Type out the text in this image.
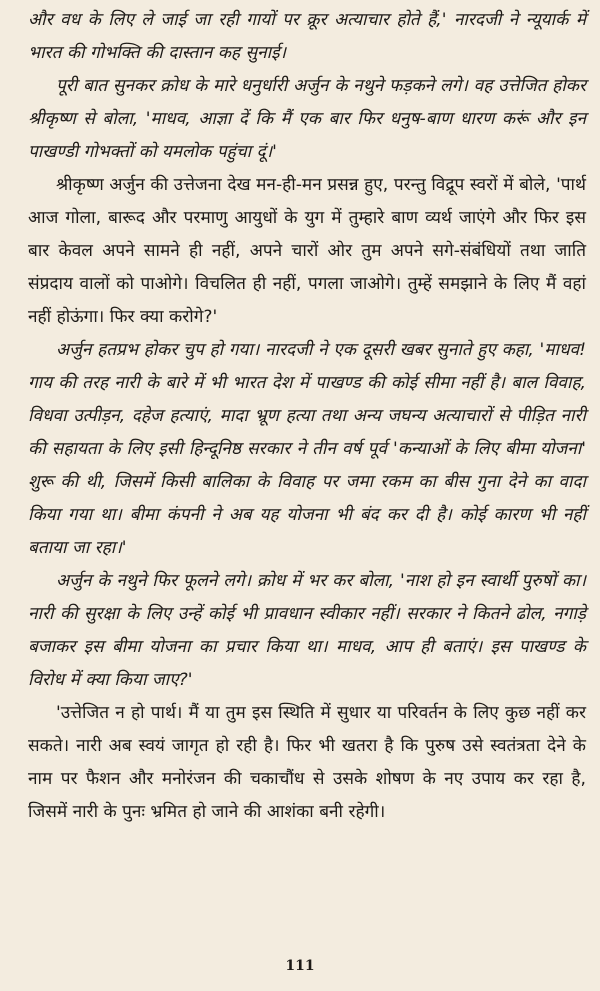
और वध के लिए ले जाई जा रही गायों पर क्रूर अत्याचार होते हैं,' नारदजी ने न्यूयार्क में भारत की गोभक्ति की दास्तान कह सुनाई।

पूरी बात सुनकर क्रोध के मारे धनुर्धारी अर्जुन के नथुने फड़कने लगे। वह उत्तेजित होकर श्रीकृष्ण से बोला, 'माधव, आज्ञा दें कि मैं एक बार फिर धनुष-बाण धारण करूं और इन पाखण्डी गोभक्तों को यमलोक पहुंचा दूं।'

श्रीकृष्ण अर्जुन की उत्तेजना देख मन-ही-मन प्रसन्न हुए, परन्तु विद्रूप स्वरों में बोले, 'पार्थ आज गोला, बारूद और परमाणु आयुधों के युग में तुम्हारे बाण व्यर्थ जाएंगे और फिर इस बार केवल अपने सामने ही नहीं, अपने चारों ओर तुम अपने सगे-संबंधियों तथा जाति संप्रदाय वालों को पाओगे। विचलित ही नहीं, पगला जाओगे। तुम्हें समझाने के लिए मैं वहां नहीं होऊंगा। फिर क्या करोगे?'

अर्जुन हतप्रभ होकर चुप हो गया। नारदजी ने एक दूसरी खबर सुनाते हुए कहा, 'माधव! गाय की तरह नारी के बारे में भी भारत देश में पाखण्ड की कोई सीमा नहीं है। बाल विवाह, विधवा उत्पीड़न, दहेज हत्याएं, मादा भ्रूण हत्या तथा अन्य जघन्य अत्याचारों से पीड़ित नारी की सहायता के लिए इसी हिन्दूनिष्ठ सरकार ने तीन वर्ष पूर्व 'कन्याओं के लिए बीमा योजना' शुरू की थी, जिसमें किसी बालिका के विवाह पर जमा रकम का बीस गुना देने का वादा किया गया था। बीमा कंपनी ने अब यह योजना भी बंद कर दी है। कोई कारण भी नहीं बताया जा रहा।'

अर्जुन के नथुने फिर फूलने लगे। क्रोध में भर कर बोला, 'नाश हो इन स्वार्थी पुरुषों का। नारी की सुरक्षा के लिए उन्हें कोई भी प्रावधान स्वीकार नहीं। सरकार ने कितने ढोल, नगाड़े बजाकर इस बीमा योजना का प्रचार किया था। माधव, आप ही बताएं। इस पाखण्ड के विरोध में क्या किया जाए?'

'उत्तेजित न हो पार्थ। मैं या तुम इस स्थिति में सुधार या परिवर्तन के लिए कुछ नहीं कर सकते। नारी अब स्वयं जागृत हो रही है। फिर भी खतरा है कि पुरुष उसे स्वतंत्रता देने के नाम पर फैशन और मनोरंजन की चकाचौंध से उसके शोषण के नए उपाय कर रहा है, जिसमें नारी के पुनः भ्रमित हो जाने की आशंका बनी रहेगी।

111
